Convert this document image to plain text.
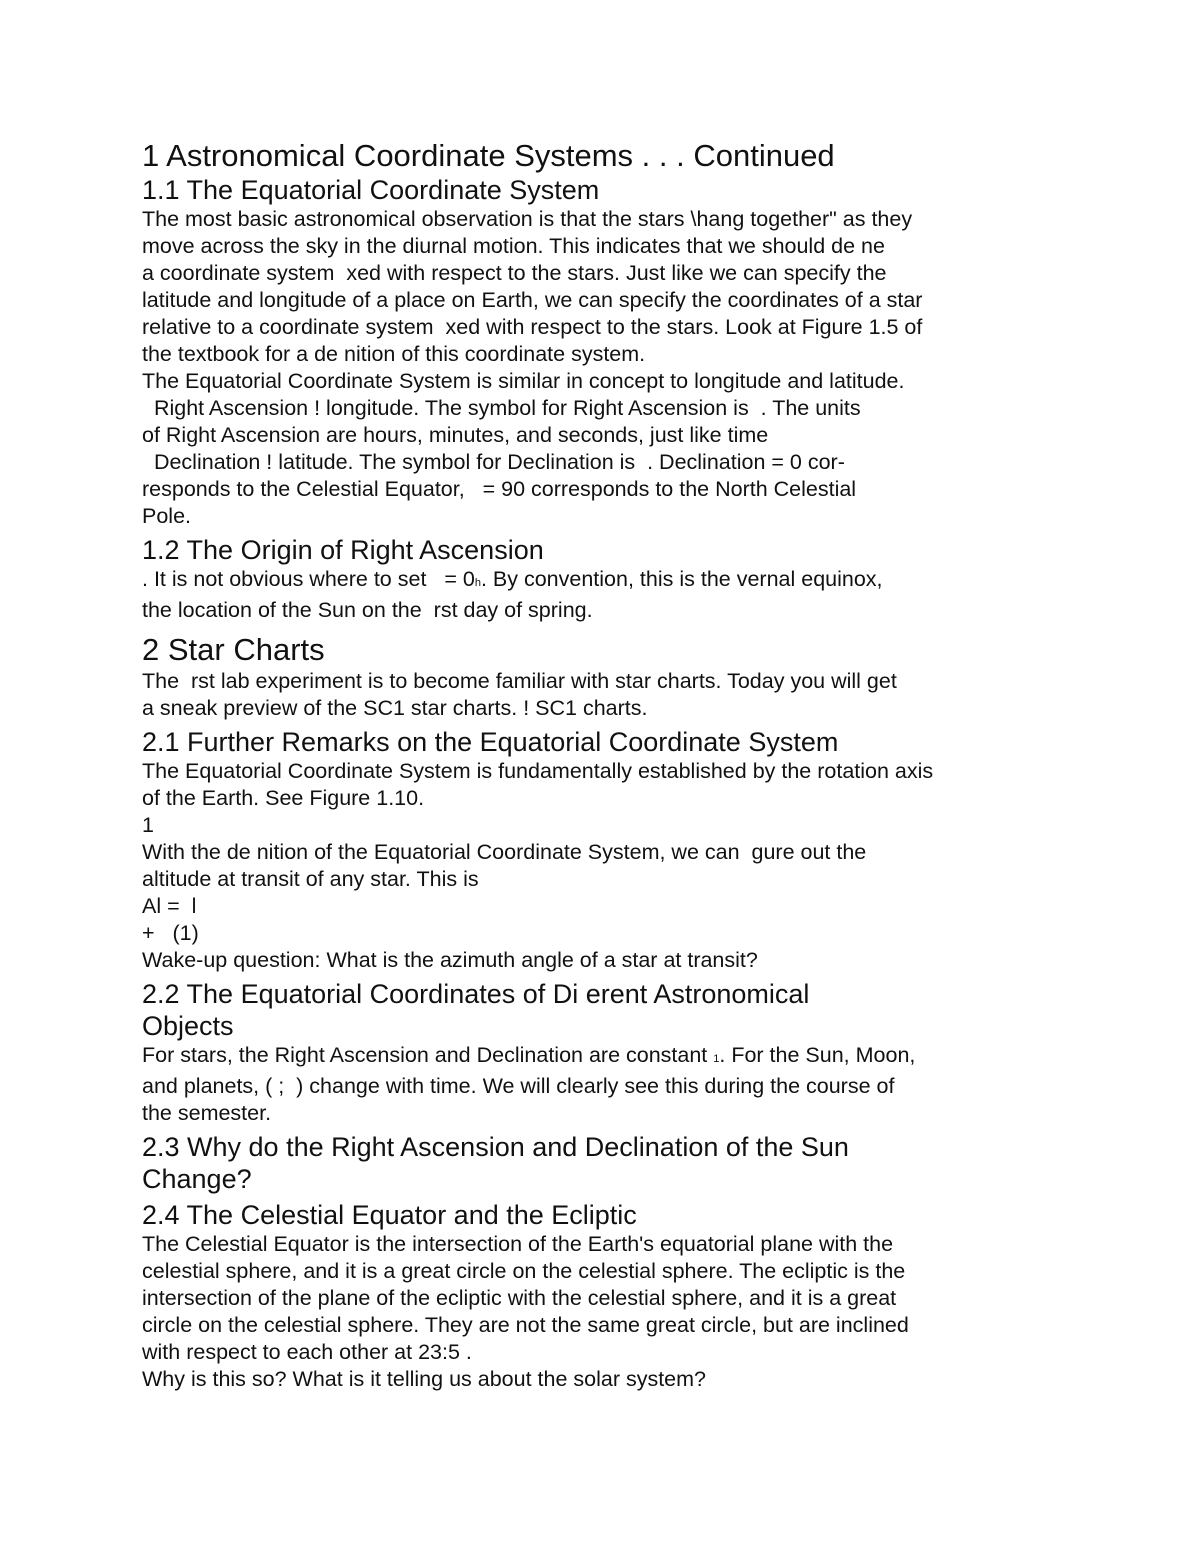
1 Astronomical Coordinate Systems . . . Continued
1.1 The Equatorial Coordinate System

The most basic astronomical observation is that the stars \hang together" as they

move across the sky in the diurnal motion. This indicates that we should de ne

a coordinate system  xed with respect to the stars. Just like we can specify the

latitude and longitude of a place on Earth, we can specify the coordinates of a star

relative to a coordinate system  xed with respect to the stars. Look at Figure 1.5 of

the textbook for a de nition of this coordinate system.

The Equatorial Coordinate System is similar in concept to longitude and latitude.

Right Ascension ! longitude. The symbol for Right Ascension is  . The units

of Right Ascension are hours, minutes, and seconds, just like time

Declination ! latitude. The symbol for Declination is  . Declination = 0 cor-

responds to the Celestial Equator,   = 90 corresponds to the North Celestial

Pole.

1.2 The Origin of Right Ascension

. It is not obvious where to set   = 0h. By convention, this is the vernal equinox,

the location of the Sun on the  rst day of spring.

2 Star Charts

The  rst lab experiment is to become familiar with star charts. Today you will get

a sneak preview of the SC1 star charts. ! SC1 charts.

2.1 Further Remarks on the Equatorial Coordinate System

The Equatorial Coordinate System is fundamentally established by the rotation axis

of the Earth. See Figure 1.10.

1

With the de nition of the Equatorial Coordinate System, we can  gure out the

altitude at transit of any star. This is

Al =  l

+   (1)

Wake-up question: What is the azimuth angle of a star at transit?

2.2 The Equatorial Coordinates of Di erent Astronomical
Objects

For stars, the Right Ascension and Declination are constant 1. For the Sun, Moon,

and planets, ( ;  ) change with time. We will clearly see this during the course of

the semester.

2.3 Why do the Right Ascension and Declination of the Sun
Change?
2.4 The Celestial Equator and the Ecliptic

The Celestial Equator is the intersection of the Earth's equatorial plane with the

celestial sphere, and it is a great circle on the celestial sphere. The ecliptic is the

intersection of the plane of the ecliptic with the celestial sphere, and it is a great

circle on the celestial sphere. They are not the same great circle, but are inclined

with respect to each other at 23:5 .

Why is this so? What is it telling us about the solar system?
